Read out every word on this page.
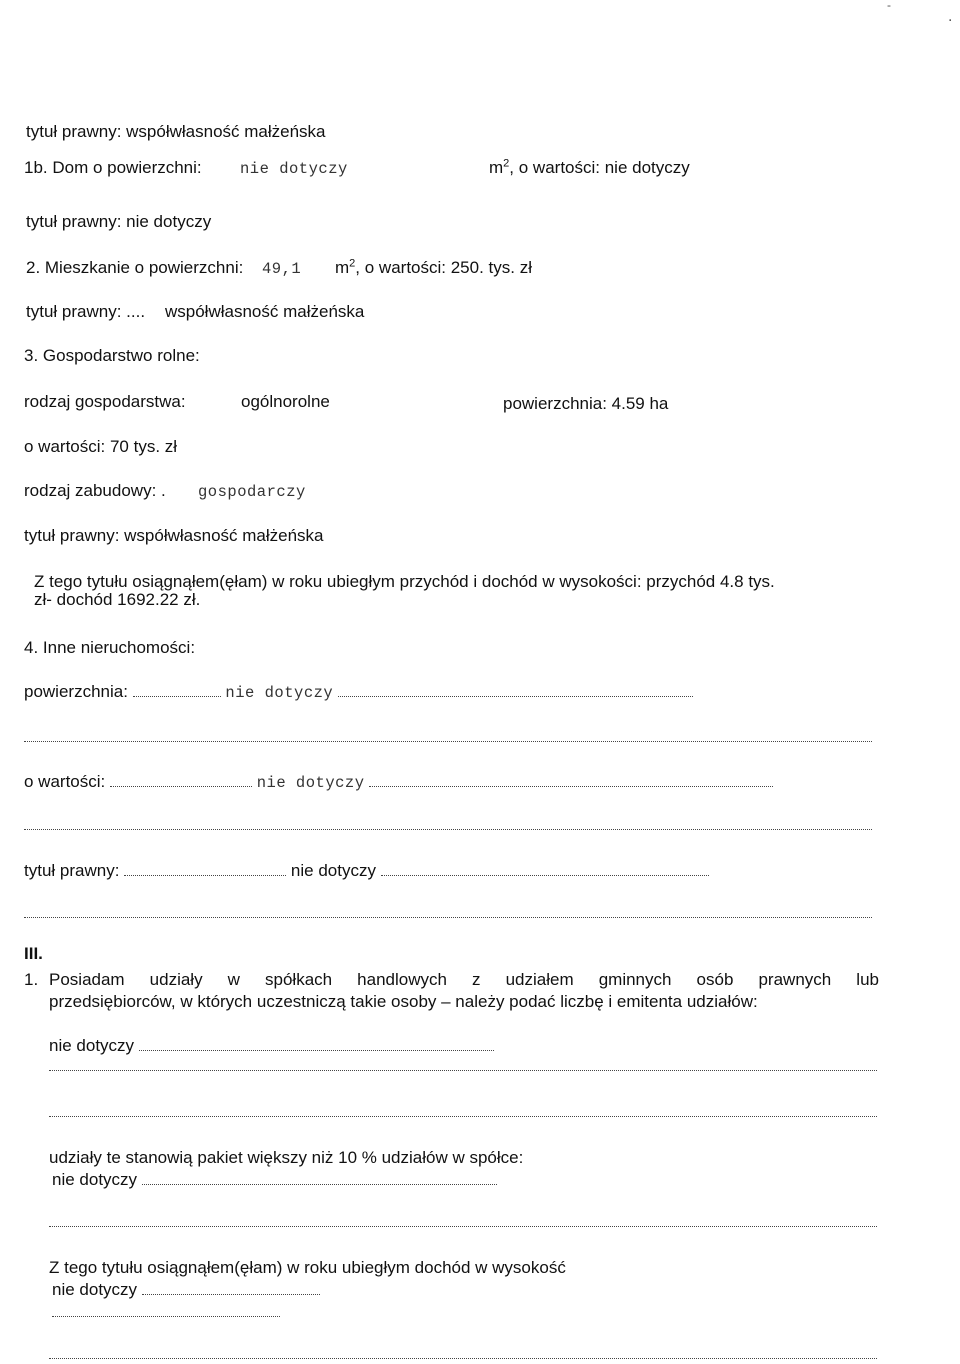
-
.
tytuł prawny: współwłasność małżeńska
1b. Dom o powierzchni: nie dotyczy	$m^2$, o wartości: nie dotyczy
tytuł prawny: nie dotyczy
2. Mieszkanie o powierzchni: 49,1 $m^2$, o wartości: 250. tys. zł
tytuł prawny: .... współwłasność małżeńska
3. Gospodarstwo rolne:
rodzaj gospodarstwa:	ogólnorolne	powierzchnia: 4.59 ha
o wartości: 70 tys. zł
rodzaj zabudowy: . gospodarczy
tytuł prawny: współwłasność małżeńska
Z tego tytułu osiągnąłem(ęłam) w roku ubiegłym przychód i dochód w wysokości: przychód 4.8 tys.
zł- dochód 1692.22 zł.
4. Inne nieruchomości:
powierzchnia:	nie dotyczy
o wartości:	nie dotyczy
tytuł prawny:	nie dotyczy
III.
1. Posiadam udziały w spółkach handlowych z udziałem gminnych osób prawnych lub
przedsiębiorców, w których uczestniczą takie osoby – należy podać liczbę i emitenta udziałów:
nie dotyczy
udziały te stanowią pakiet większy niż 10 % udziałów w spółce:
nie dotyczy
Z tego tytułu osiągnąłem(ęłam) w roku ubiegłym dochód w wysokość
nie dotyczy
